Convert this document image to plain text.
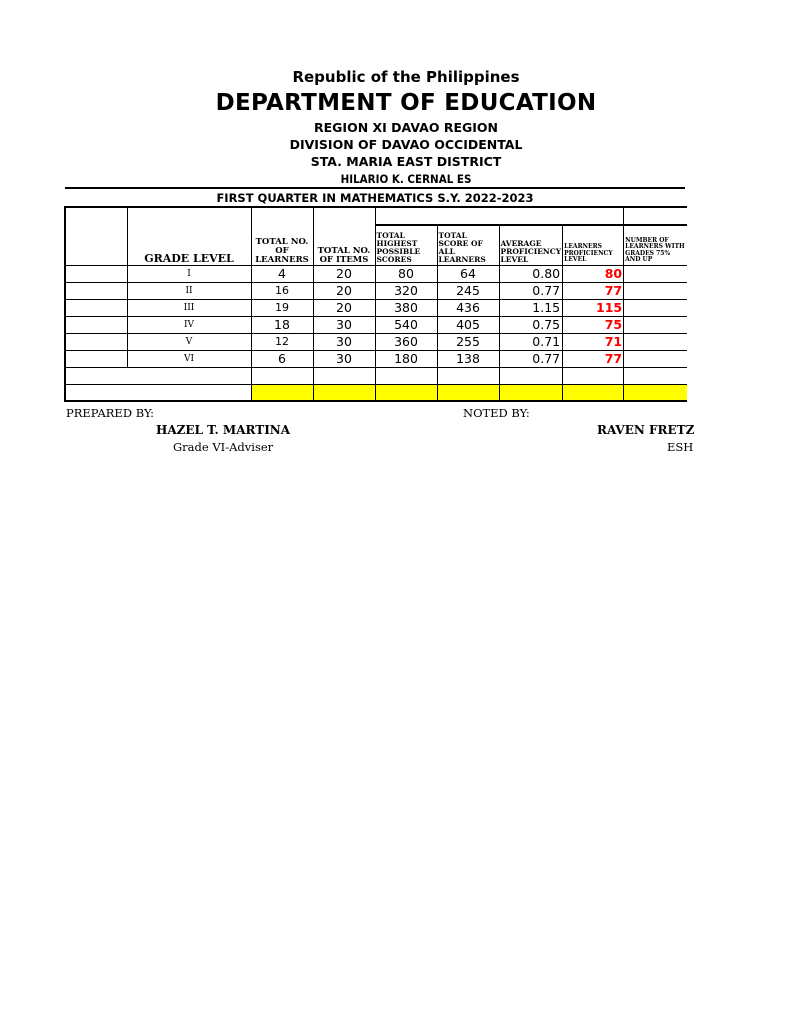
Republic of the Philippines
DEPARTMENT OF EDUCATION
REGION XI DAVAO REGION
DIVISION OF DAVAO OCCIDENTAL
STA. MARIA EAST DISTRICT
HILARIO K. CERNAL ES
FIRST QUARTER IN MATHEMATICS S.Y. 2022-2023
	GRADE LEVEL	TOTAL NO. OF LEARNERS	TOTAL NO. OF ITEMS					

				TOTAL HIGHEST POSSIBLE SCORES	TOTAL SCORE OF ALL LEARNERS	AVERAGE PROFICIENCY LEVEL	LEARNERS PROFICIENCY LEVEL	NUMBER OF LEARNERS WITH GRADES 75% AND UP
	I	4	20	80	64	0.80	80	
	II	16	20	320	245	0.77	77	
	III	19	20	380	436	1.15	115	
	IV	18	30	540	405	0.75	75	
	V	12	30	360	255	0.71	71	
	VI	6	30	180	138	0.77	77	

PREPARED BY:	NOTED BY:
HAZEL T. MARTINA
Grade VI-Adviser
RAVEN FRETZ
ESH
